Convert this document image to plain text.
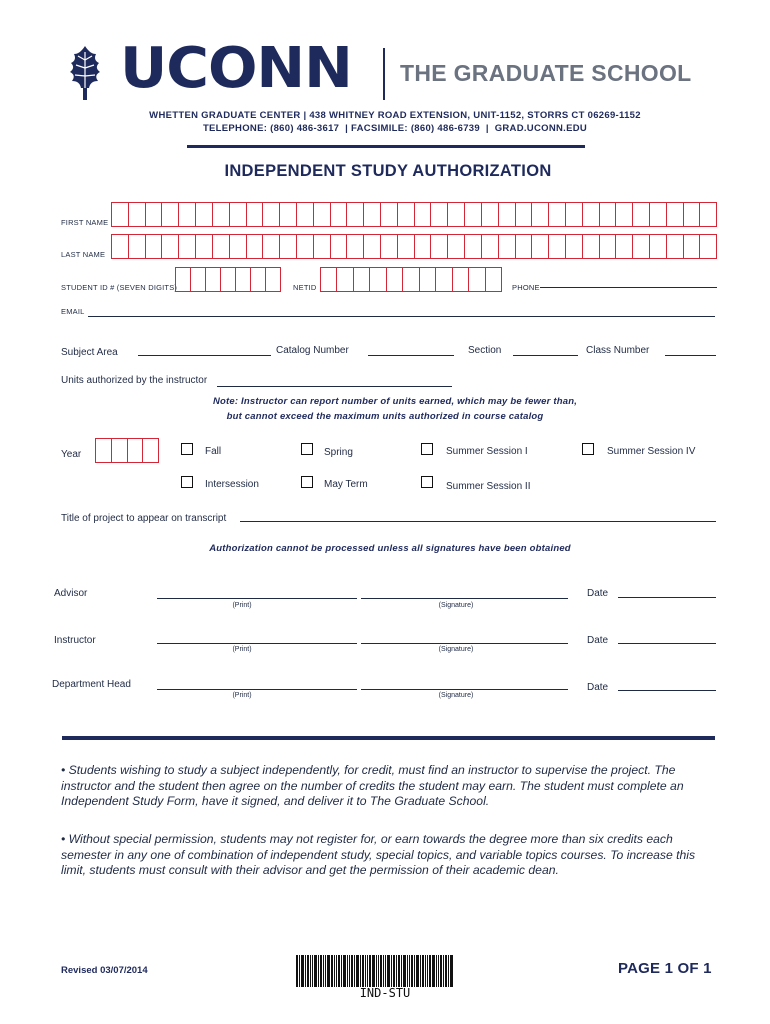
UCONN THE GRADUATE SCHOOL
WHETTEN GRADUATE CENTER | 438 WHITNEY ROAD EXTENSION, UNIT-1152, STORRS CT 06269-1152
TELEPHONE: (860) 486-3617  | FACSIMILE: (860) 486-6739  |  GRAD.UCONN.EDU
INDEPENDENT STUDY AUTHORIZATION
FIRST NAME
LAST NAME
STUDENT ID # (SEVEN DIGITS)	NETID	PHONE
EMAIL
Subject Area	Catalog Number	Section	Class Number
Units authorized by the instructor
Note: Instructor can report number of units earned, which may be fewer than,
but cannot exceed the maximum units authorized in course catalog
Year	Fall	Spring	Summer Session I	Summer Session IV
Intersession	May Term	Summer Session II
Title of project to appear on transcript
Authorization cannot be processed unless all signatures have been obtained
Advisor
(Print)	(Signature)
Date
Instructor
(Print)	(Signature)
Date
Department Head
(Print)	(Signature)
Date
• Students wishing to study a subject independently, for credit, must find an instructor to supervise the project. The instructor and the student then agree on the number of credits the student may earn. The student must complete an Independent Study Form, have it signed, and deliver it to The Graduate School.
• Without special permission, students may not register for, or earn towards the degree more than six credits each semester in any one of combination of independent study, special topics, and variable topics courses. To increase this limit, students must consult with their advisor and get the permission of their academic dean.
Revised 03/07/2014
IND-STU
PAGE 1 OF 1
